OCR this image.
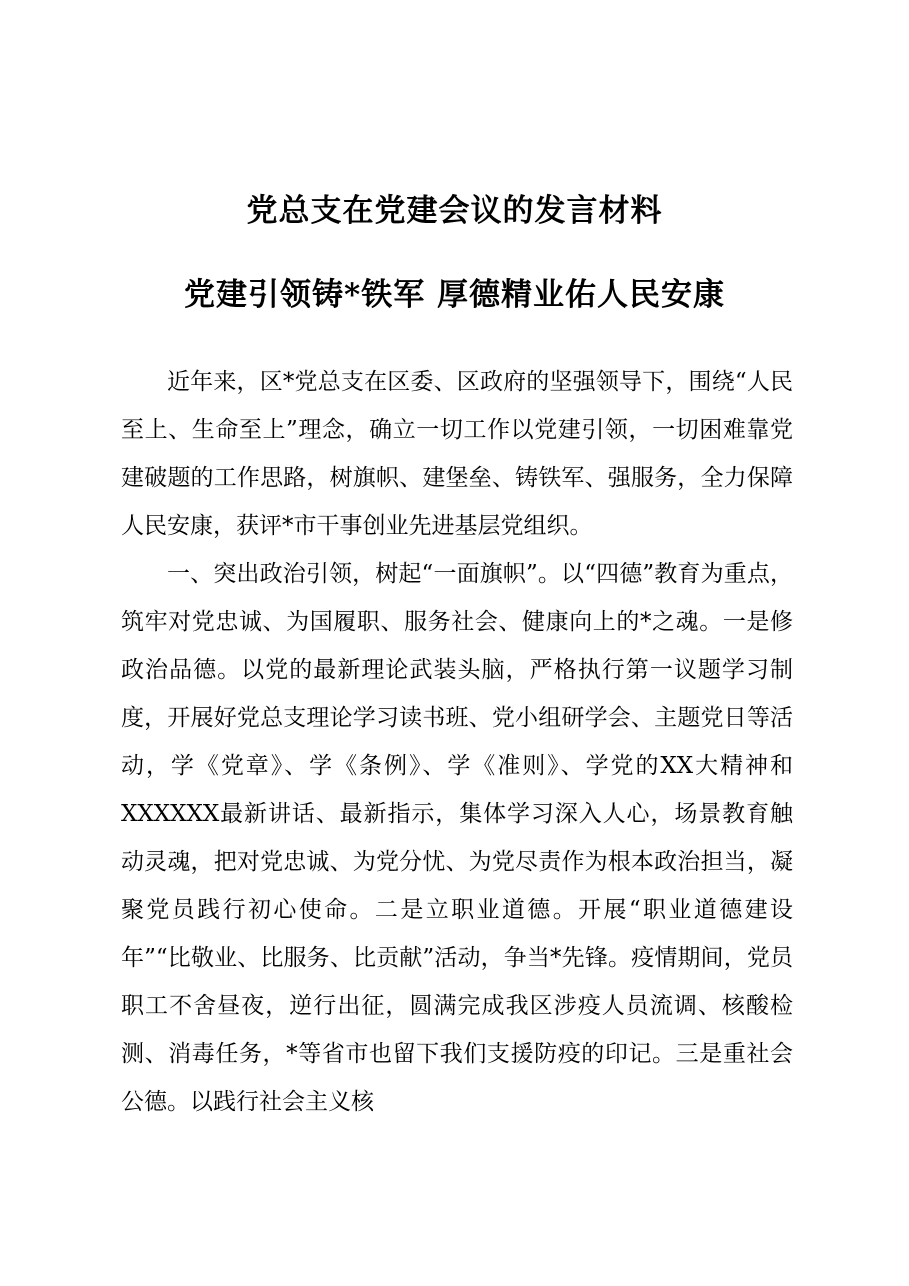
党总支在党建会议的发言材料
党建引领铸*铁军 厚德精业佑人民安康

近年来，区*党总支在区委、区政府的坚强领导下，围绕“人民至上、生命至上”理念，确立一切工作以党建引领，一切困难靠党建破题的工作思路，树旗帜、建堡垒、铸铁军、强服务，全力保障人民安康，获评*市干事创业先进基层党组织。

一、突出政治引领，树起“一面旗帜”。以“四德”教育为重点，筑牢对党忠诚、为国履职、服务社会、健康向上的*之魂。一是修政治品德。以党的最新理论武装头脑，严格执行第一议题学习制度，开展好党总支理论学习读书班、党小组研学会、主题党日等活动，学《党章》、学《条例》、学《准则》、学党的XX大精神和XXXXXX最新讲话、最新指示，集体学习深入人心，场景教育触动灵魂，把对党忠诚、为党分忧、为党尽责作为根本政治担当，凝聚党员践行初心使命。二是立职业道德。开展“职业道德建设年”“比敬业、比服务、比贡献”活动，争当*先锋。疫情期间，党员职工不舍昼夜，逆行出征，圆满完成我区涉疫人员流调、核酸检测、消毒任务，*等省市也留下我们支援防疫的印记。三是重社会公德。以践行社会主义核
